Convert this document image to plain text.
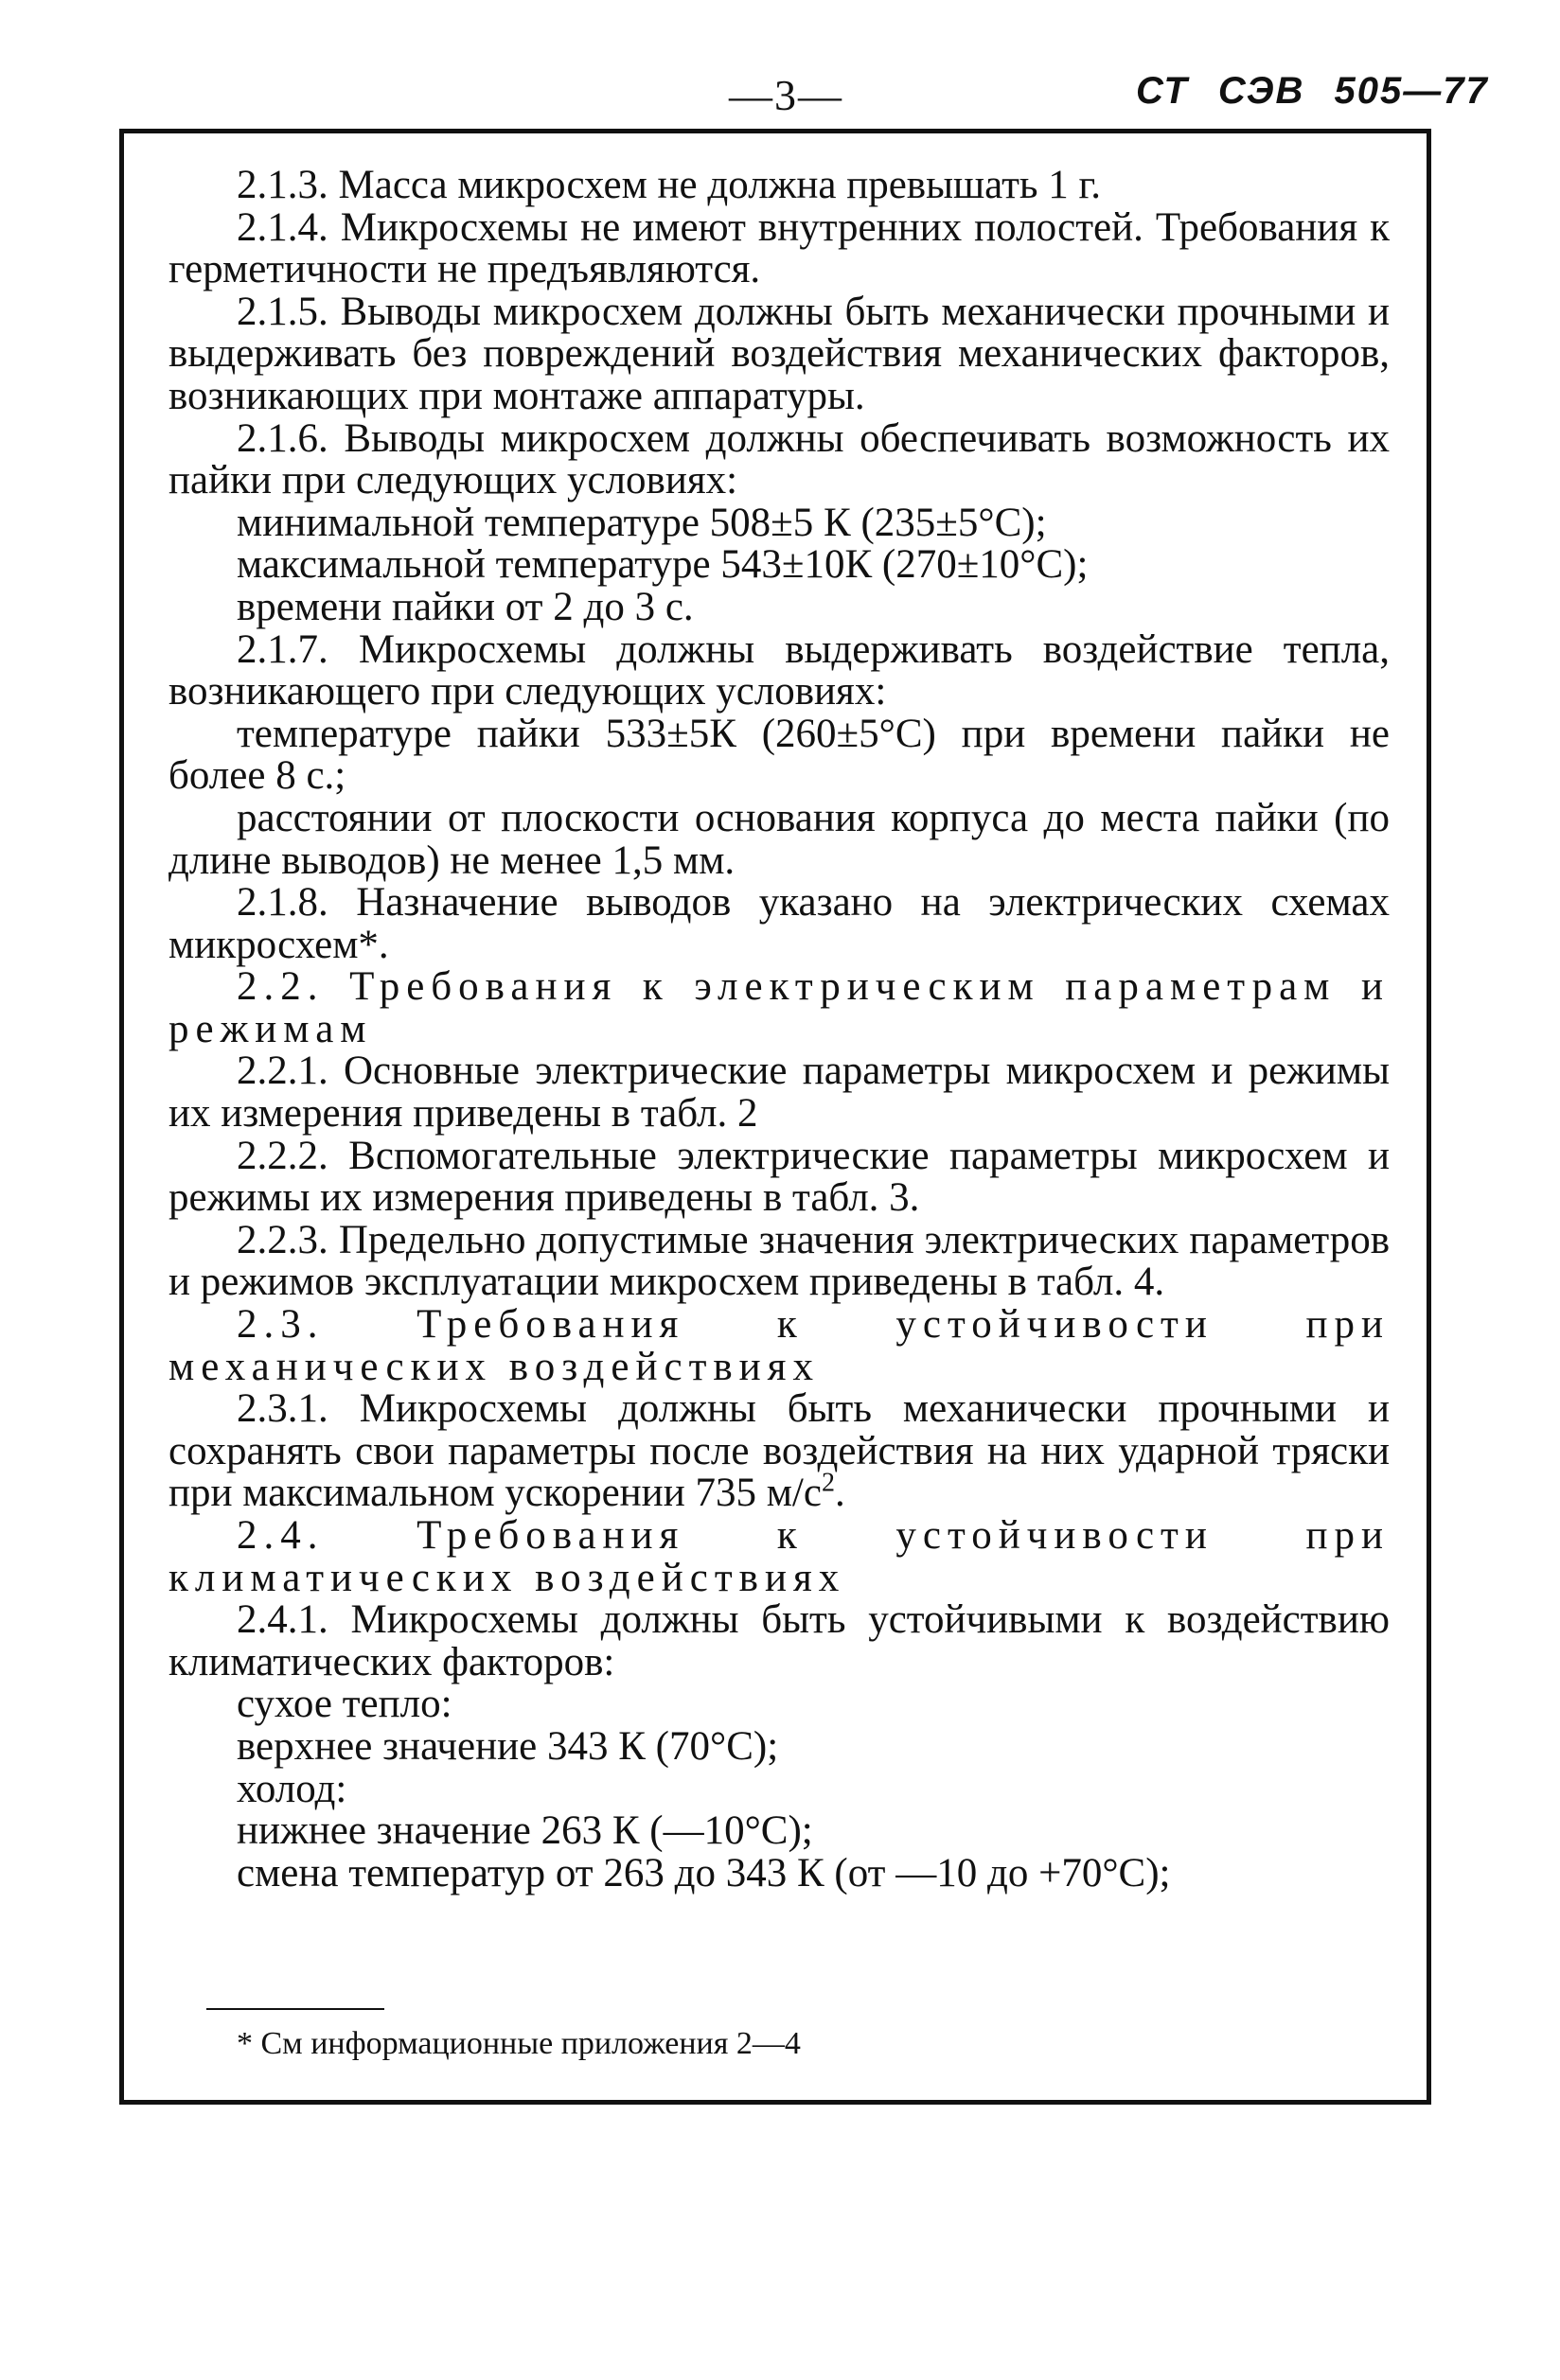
—3—	СТ СЭВ 505—77

2.1.3. Масса микросхем не должна превышать 1 г.

2.1.4. Микросхемы не имеют внутренних полостей. Требования к герметичности не предъявляются.

2.1.5. Выводы микросхем должны быть механически прочными и выдерживать без повреждений воздействия механических факторов, возникающих при монтаже аппаратуры.

2.1.6. Выводы микросхем должны обеспечивать возможность их пайки при следующих условиях:

минимальной температуре 508±5 К (235±5°C);

максимальной температуре 543±10К (270±10°C);

времени пайки от 2 до 3 с.

2.1.7. Микросхемы должны выдерживать воздействие тепла, возникающего при следующих условиях:

температуре пайки 533±5К (260±5°C) при времени пайки не более 8 с.;

расстоянии от плоскости основания корпуса до места пайки (по длине выводов) не менее 1,5 мм.

2.1.8. Назначение выводов указано на электрических схемах микросхем*.

2.2. Требования к электрическим параметрам и режимам

2.2.1. Основные электрические параметры микросхем и режимы их измерения приведены в табл. 2

2.2.2. Вспомогательные электрические параметры микросхем и режимы их измерения приведены в табл. 3.

2.2.3. Предельно допустимые значения электрических параметров и режимов эксплуатации микросхем приведены в табл. 4.

2.3. Требования к устойчивости при механических воздействиях

2.3.1. Микросхемы должны быть механически прочными и сохранять свои параметры после воздействия на них ударной тряски при максимальном ускорении 735 $м/с^2$.

2.4. Требования к устойчивости при климатических воздействиях

2.4.1. Микросхемы должны быть устойчивыми к воздействию климатических факторов:

сухое тепло:

верхнее значение 343 К (70°C);

холод:

нижнее значение 263 К (—10°C);

смена температур от 263 до 343 К (от —10 до +70°C);

* См информационные приложения 2—4
